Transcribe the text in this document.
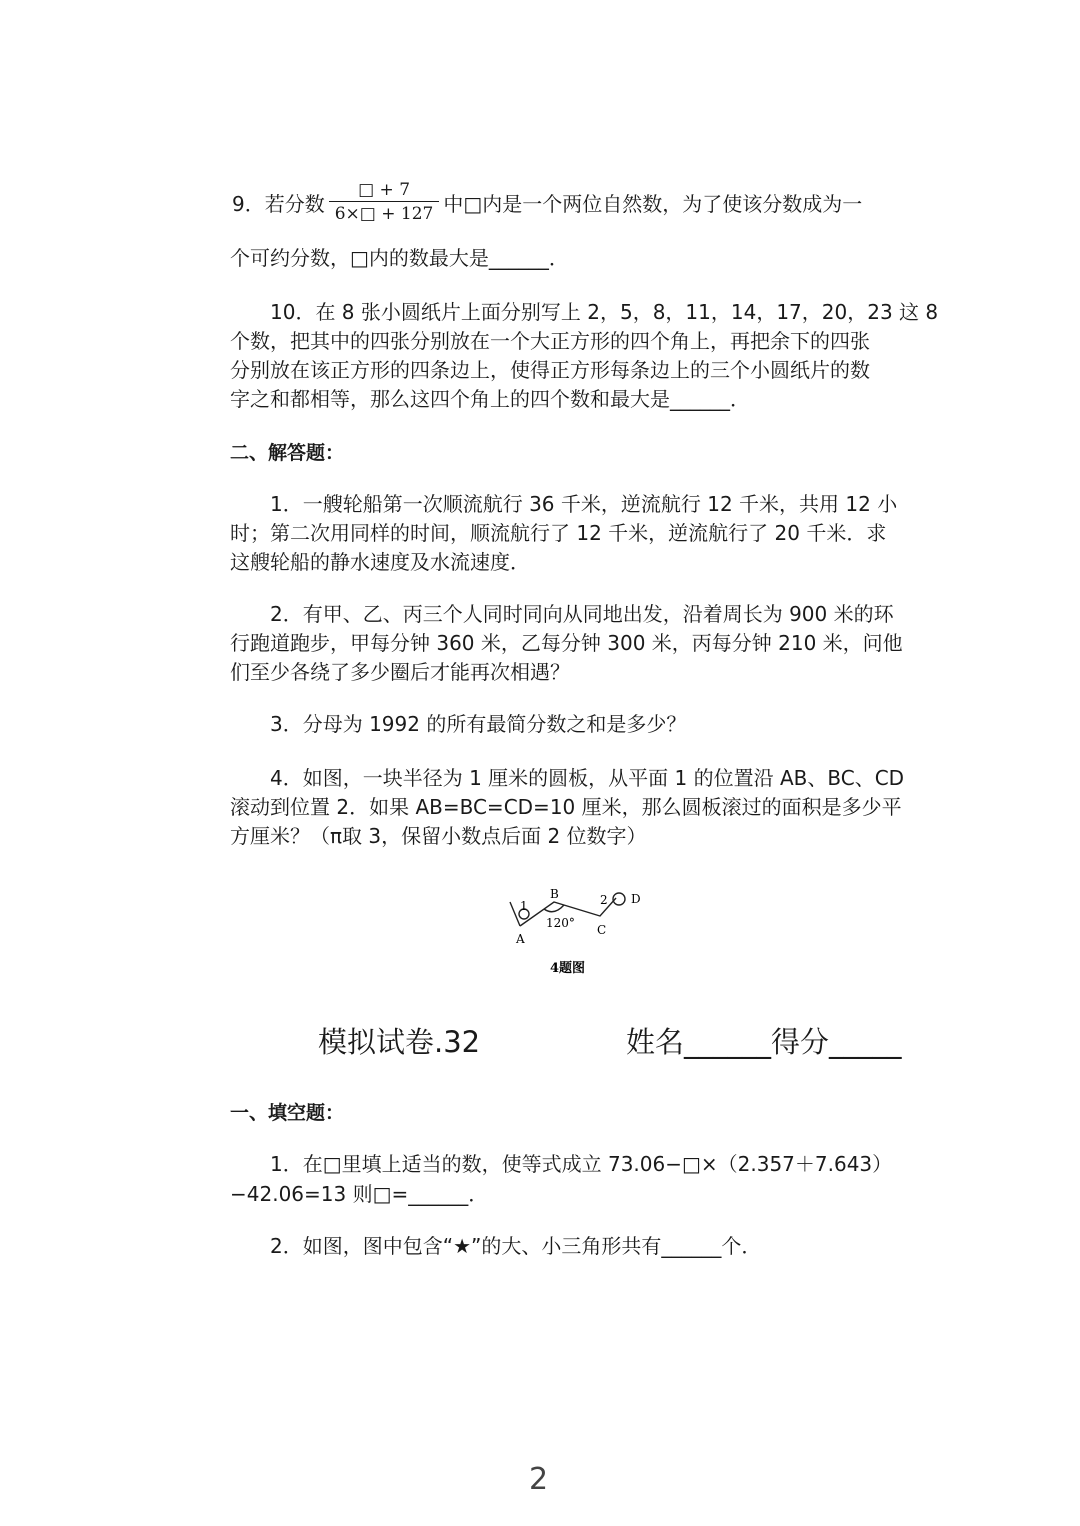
9．若分数 $\frac{□ + 7}{6\times□ + 127}$ 中□内是一个两位自然数，为了使该分数成为一
个可约分数，□内的数最大是______．
10．在 8 张小圆纸片上面分别写上 2，5，8，11，14，17，20，23 这 8
个数，把其中的四张分别放在一个大正方形的四个角上，再把余下的四张
分别放在该正方形的四条边上，使得正方形每条边上的三个小圆纸片的数
字之和都相等，那么这四个角上的四个数和最大是______．
二、解答题：
1．一艘轮船第一次顺流航行 36 千米，逆流航行 12 千米，共用 12 小
时；第二次用同样的时间，顺流航行了 12 千米，逆流航行了 20 千米．求
这艘轮船的静水速度及水流速度．
2．有甲、乙、丙三个人同时同向从同地出发，沿着周长为 900 米的环
行跑道跑步，甲每分钟 360 米，乙每分钟 300 米，丙每分钟 210 米，问他
们至少各绕了多少圈后才能再次相遇？
3．分母为 1992 的所有最简分数之和是多少？
4．如图，一块半径为 1 厘米的圆板，从平面 1 的位置沿 AB、BC、CD
滚动到位置 2．如果 AB=BC=CD=10 厘米，那么圆板滚过的面积是多少平
方厘米？（π取 3，保留小数点后面 2 位数字）
1	2
A
B
C
D
120°
4题图
模拟试卷.32	姓名______得分_____
一、填空题：
1．在□里填上适当的数，使等式成立 73.06−□×（2.357＋7.643）
−42.06=13 则□=______．
2．如图，图中包含“★”的大、小三角形共有______个．
2
